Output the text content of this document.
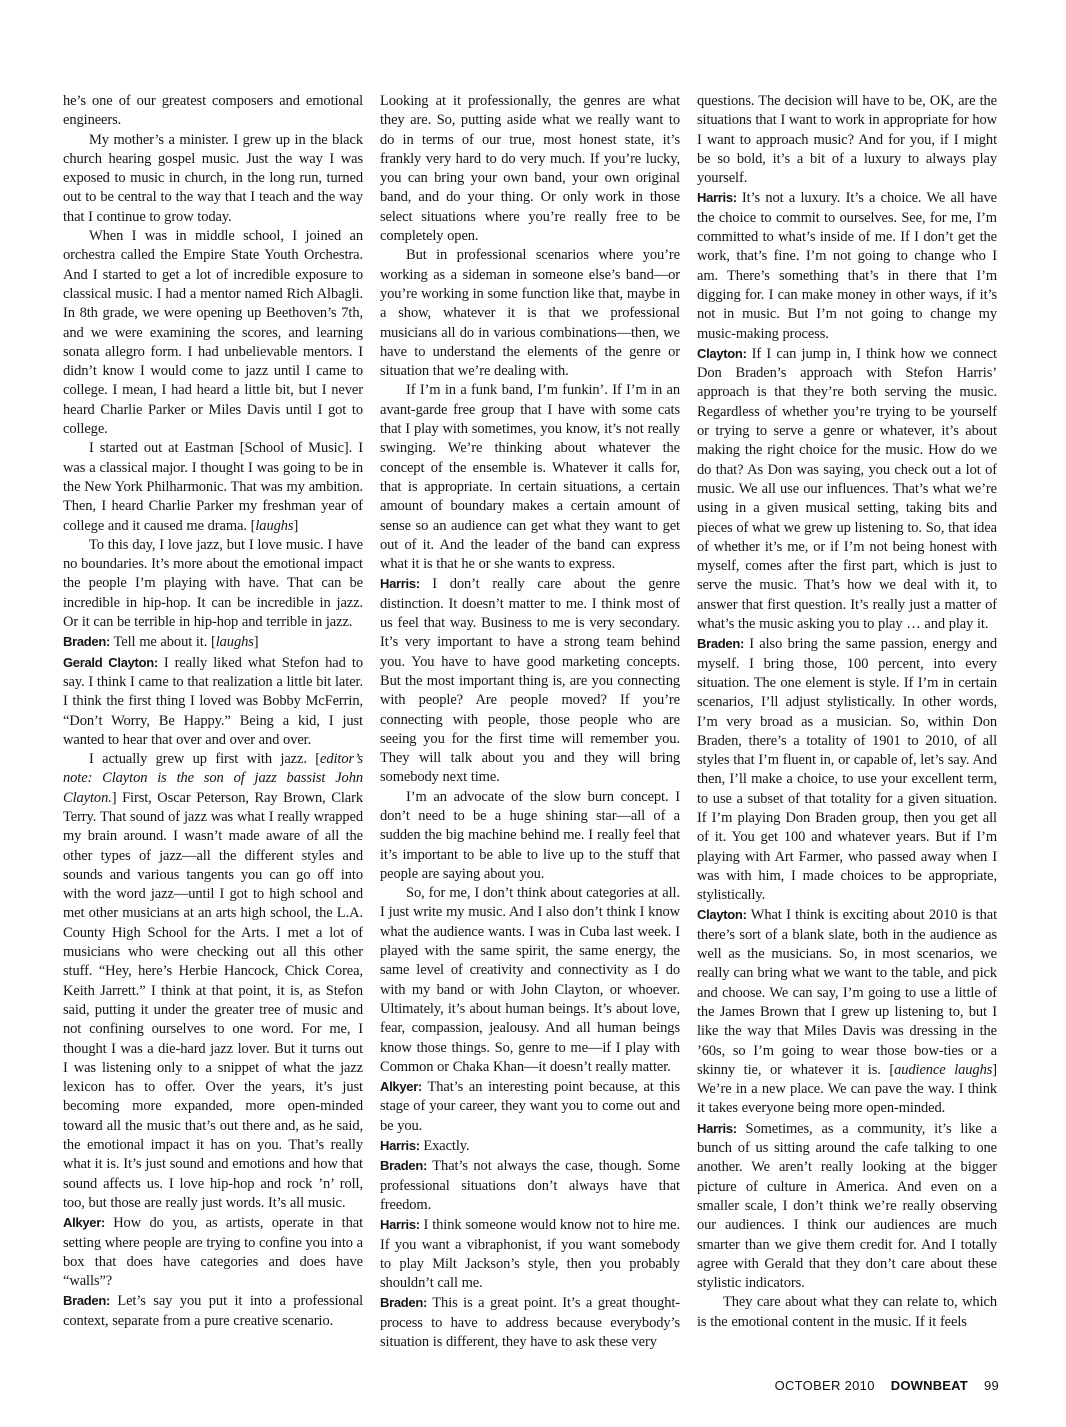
he’s one of our greatest composers and emotional engineers.

My mother’s a minister. I grew up in the black church hearing gospel music. Just the way I was exposed to music in church, in the long run, turned out to be central to the way that I teach and the way that I continue to grow today.

When I was in middle school, I joined an orchestra called the Empire State Youth Orchestra. And I started to get a lot of incredible exposure to classical music. I had a mentor named Rich Albagli. In 8th grade, we were opening up Beethoven’s 7th, and we were examining the scores, and learning sonata allegro form. I had unbelievable mentors. I didn’t know I would come to jazz until I came to college. I mean, I had heard a little bit, but I never heard Charlie Parker or Miles Davis until I got to college.

I started out at Eastman [School of Music]. I was a classical major. I thought I was going to be in the New York Philharmonic. That was my ambition. Then, I heard Charlie Parker my freshman year of college and it caused me drama. [laughs]

To this day, I love jazz, but I love music. I have no boundaries. It’s more about the emotional impact the people I’m playing with have. That can be incredible in hip-hop. It can be incredible in jazz. Or it can be terrible in hip-hop and terrible in jazz.

Braden: Tell me about it. [laughs]

Gerald Clayton: I really liked what Stefon had to say. I think I came to that realization a little bit later. I think the first thing I loved was Bobby McFerrin, “Don’t Worry, Be Happy.” Being a kid, I just wanted to hear that over and over and over.

I actually grew up first with jazz. [editor’s note: Clayton is the son of jazz bassist John Clayton.] First, Oscar Peterson, Ray Brown, Clark Terry. That sound of jazz was what I really wrapped my brain around. I wasn’t made aware of all the other types of jazz—all the different styles and sounds and various tangents you can go off into with the word jazz—until I got to high school and met other musicians at an arts high school, the L.A. County High School for the Arts. I met a lot of musicians who were checking out all this other stuff. “Hey, here’s Herbie Hancock, Chick Corea, Keith Jarrett.” I think at that point, it is, as Stefon said, putting it under the greater tree of music and not confining ourselves to one word. For me, I thought I was a die-hard jazz lover. But it turns out I was listening only to a snippet of what the jazz lexicon has to offer. Over the years, it’s just becoming more expanded, more open-minded toward all the music that’s out there and, as he said, the emotional impact it has on you. That’s really what it is. It’s just sound and emotions and how that sound affects us. I love hip-hop and rock ’n’ roll, too, but those are really just words. It’s all music.

Alkyer: How do you, as artists, operate in that setting where people are trying to confine you into a box that does have categories and does have “walls”?

Braden: Let’s say you put it into a professional context, separate from a pure creative scenario.

Looking at it professionally, the genres are what they are. So, putting aside what we really want to do in terms of our true, most honest state, it’s frankly very hard to do very much. If you’re lucky, you can bring your own band, your own original band, and do your thing. Or only work in those select situations where you’re really free to be completely open.

But in professional scenarios where you’re working as a sideman in someone else’s band—or you’re working in some function like that, maybe in a show, whatever it is that we professional musicians all do in various combinations—then, we have to understand the elements of the genre or situation that we’re dealing with.

If I’m in a funk band, I’m funkin’. If I’m in an avant-garde free group that I have with some cats that I play with sometimes, you know, it’s not really swinging. We’re thinking about whatever the concept of the ensemble is. Whatever it calls for, that is appropriate. In certain situations, a certain amount of boundary makes a certain amount of sense so an audience can get what they want to get out of it. And the leader of the band can express what it is that he or she wants to express.

Harris: I don’t really care about the genre distinction. It doesn’t matter to me. I think most of us feel that way. Business to me is very secondary. It’s very important to have a strong team behind you. You have to have good marketing concepts. But the most important thing is, are you connecting with people? Are people moved? If you’re connecting with people, those people who are seeing you for the first time will remember you. They will talk about you and they will bring somebody next time.

I’m an advocate of the slow burn concept. I don’t need to be a huge shining star—all of a sudden the big machine behind me. I really feel that it’s important to be able to live up to the stuff that people are saying about you.

So, for me, I don’t think about categories at all. I just write my music. And I also don’t think I know what the audience wants. I was in Cuba last week. I played with the same spirit, the same energy, the same level of creativity and connectivity as I do with my band or with John Clayton, or whoever. Ultimately, it’s about human beings. It’s about love, fear, compassion, jealousy. And all human beings know those things. So, genre to me—if I play with Common or Chaka Khan—it doesn’t really matter.

Alkyer: That’s an interesting point because, at this stage of your career, they want you to come out and be you.

Harris: Exactly.

Braden: That’s not always the case, though. Some professional situations don’t always have that freedom.

Harris: I think someone would know not to hire me. If you want a vibraphonist, if you want somebody to play Milt Jackson’s style, then you probably shouldn’t call me.

Braden: This is a great point. It’s a great thought-process to have to address because everybody’s situation is different, they have to ask these very

questions. The decision will have to be, OK, are the situations that I want to work in appropriate for how I want to approach music? And for you, if I might be so bold, it’s a bit of a luxury to always play yourself.

Harris: It’s not a luxury. It’s a choice. We all have the choice to commit to ourselves. See, for me, I’m committed to what’s inside of me. If I don’t get the work, that’s fine. I’m not going to change who I am. There’s something that’s in there that I’m digging for. I can make money in other ways, if it’s not in music. But I’m not going to change my music-making process.

Clayton: If I can jump in, I think how we connect Don Braden’s approach with Stefon Harris’ approach is that they’re both serving the music. Regardless of whether you’re trying to be yourself or trying to serve a genre or whatever, it’s about making the right choice for the music. How do we do that? As Don was saying, you check out a lot of music. We all use our influences. That’s what we’re using in a given musical setting, taking bits and pieces of what we grew up listening to. So, that idea of whether it’s me, or if I’m not being honest with myself, comes after the first part, which is just to serve the music. That’s how we deal with it, to answer that first question. It’s really just a matter of what’s the music asking you to play … and play it.

Braden: I also bring the same passion, energy and myself. I bring those, 100 percent, into every situation. The one element is style. If I’m in certain scenarios, I’ll adjust stylistically. In other words, I’m very broad as a musician. So, within Don Braden, there’s a totality of 1901 to 2010, of all styles that I’m fluent in, or capable of, let’s say. And then, I’ll make a choice, to use your excellent term, to use a subset of that totality for a given situation. If I’m playing Don Braden group, then you get all of it. You get 100 and whatever years. But if I’m playing with Art Farmer, who passed away when I was with him, I made choices to be appropriate, stylistically.

Clayton: What I think is exciting about 2010 is that there’s sort of a blank slate, both in the audience as well as the musicians. So, in most scenarios, we really can bring what we want to the table, and pick and choose. We can say, I’m going to use a little of the James Brown that I grew up listening to, but I like the way that Miles Davis was dressing in the ’60s, so I’m going to wear those bow-ties or a skinny tie, or whatever it is. [audience laughs] We’re in a new place. We can pave the way. I think it takes everyone being more open-minded.

Harris: Sometimes, as a community, it’s like a bunch of us sitting around the cafe talking to one another. We aren’t really looking at the bigger picture of culture in America. And even on a smaller scale, I don’t think we’re really observing our audiences. I think our audiences are much smarter than we give them credit for. And I totally agree with Gerald that they don’t care about these stylistic indicators.

They care about what they can relate to, which is the emotional content in the music. If it feels

OCTOBER 2010 DOWNBEAT 99
